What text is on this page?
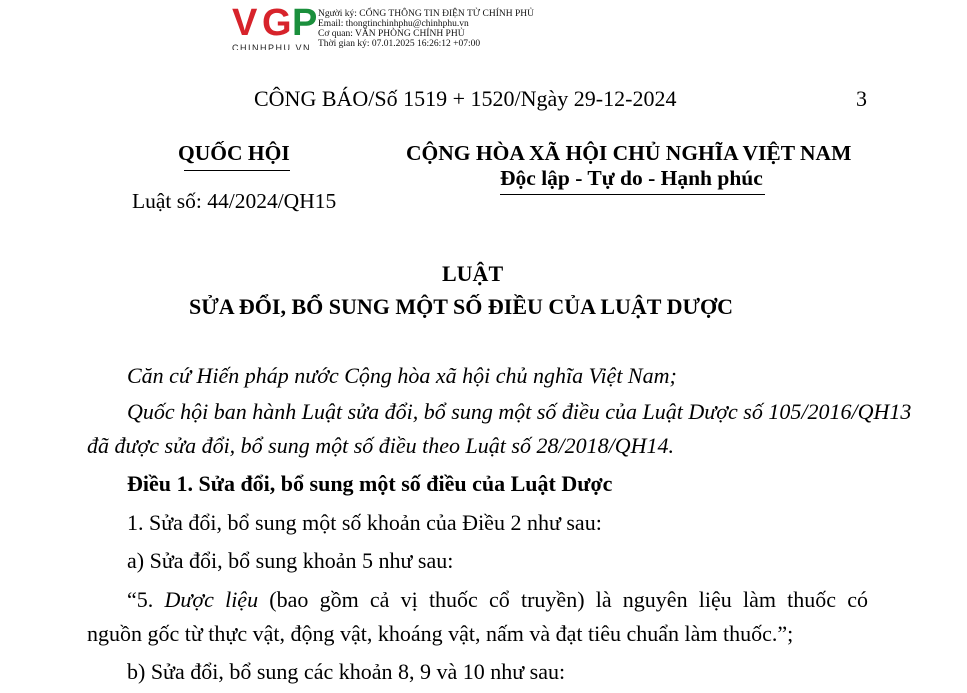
V G P
CHINHPHU.VN
Người ký: CỔNG THÔNG TIN ĐIỆN TỬ CHÍNH PHỦ
Email: thongtinchinhphu@chinhphu.vn
Cơ quan: VĂN PHÒNG CHÍNH PHỦ
Thời gian ký: 07.01.2025 16:26:12 +07:00
CÔNG BÁO/Số 1519 + 1520/Ngày 29-12-2024	3
QUỐC HỘI
Luật số: 44/2024/QH15
CỘNG HÒA XÃ HỘI CHỦ NGHĨA VIỆT NAM
Độc lập - Tự do - Hạnh phúc
LUẬT
SỬA ĐỔI, BỔ SUNG MỘT SỐ ĐIỀU CỦA LUẬT DƯỢC
Căn cứ Hiến pháp nước Cộng hòa xã hội chủ nghĩa Việt Nam;
Quốc hội ban hành Luật sửa đổi, bổ sung một số điều của Luật Dược số 105/2016/QH13
đã được sửa đổi, bổ sung một số điều theo Luật số 28/2018/QH14.
Điều 1. Sửa đổi, bổ sung một số điều của Luật Dược
1. Sửa đổi, bổ sung một số khoản của Điều 2 như sau:
a) Sửa đổi, bổ sung khoản 5 như sau:
“5. Dược liệu (bao gồm cả vị thuốc cổ truyền) là nguyên liệu làm thuốc có
nguồn gốc từ thực vật, động vật, khoáng vật, nấm và đạt tiêu chuẩn làm thuốc.”;
b) Sửa đổi, bổ sung các khoản 8, 9 và 10 như sau:
